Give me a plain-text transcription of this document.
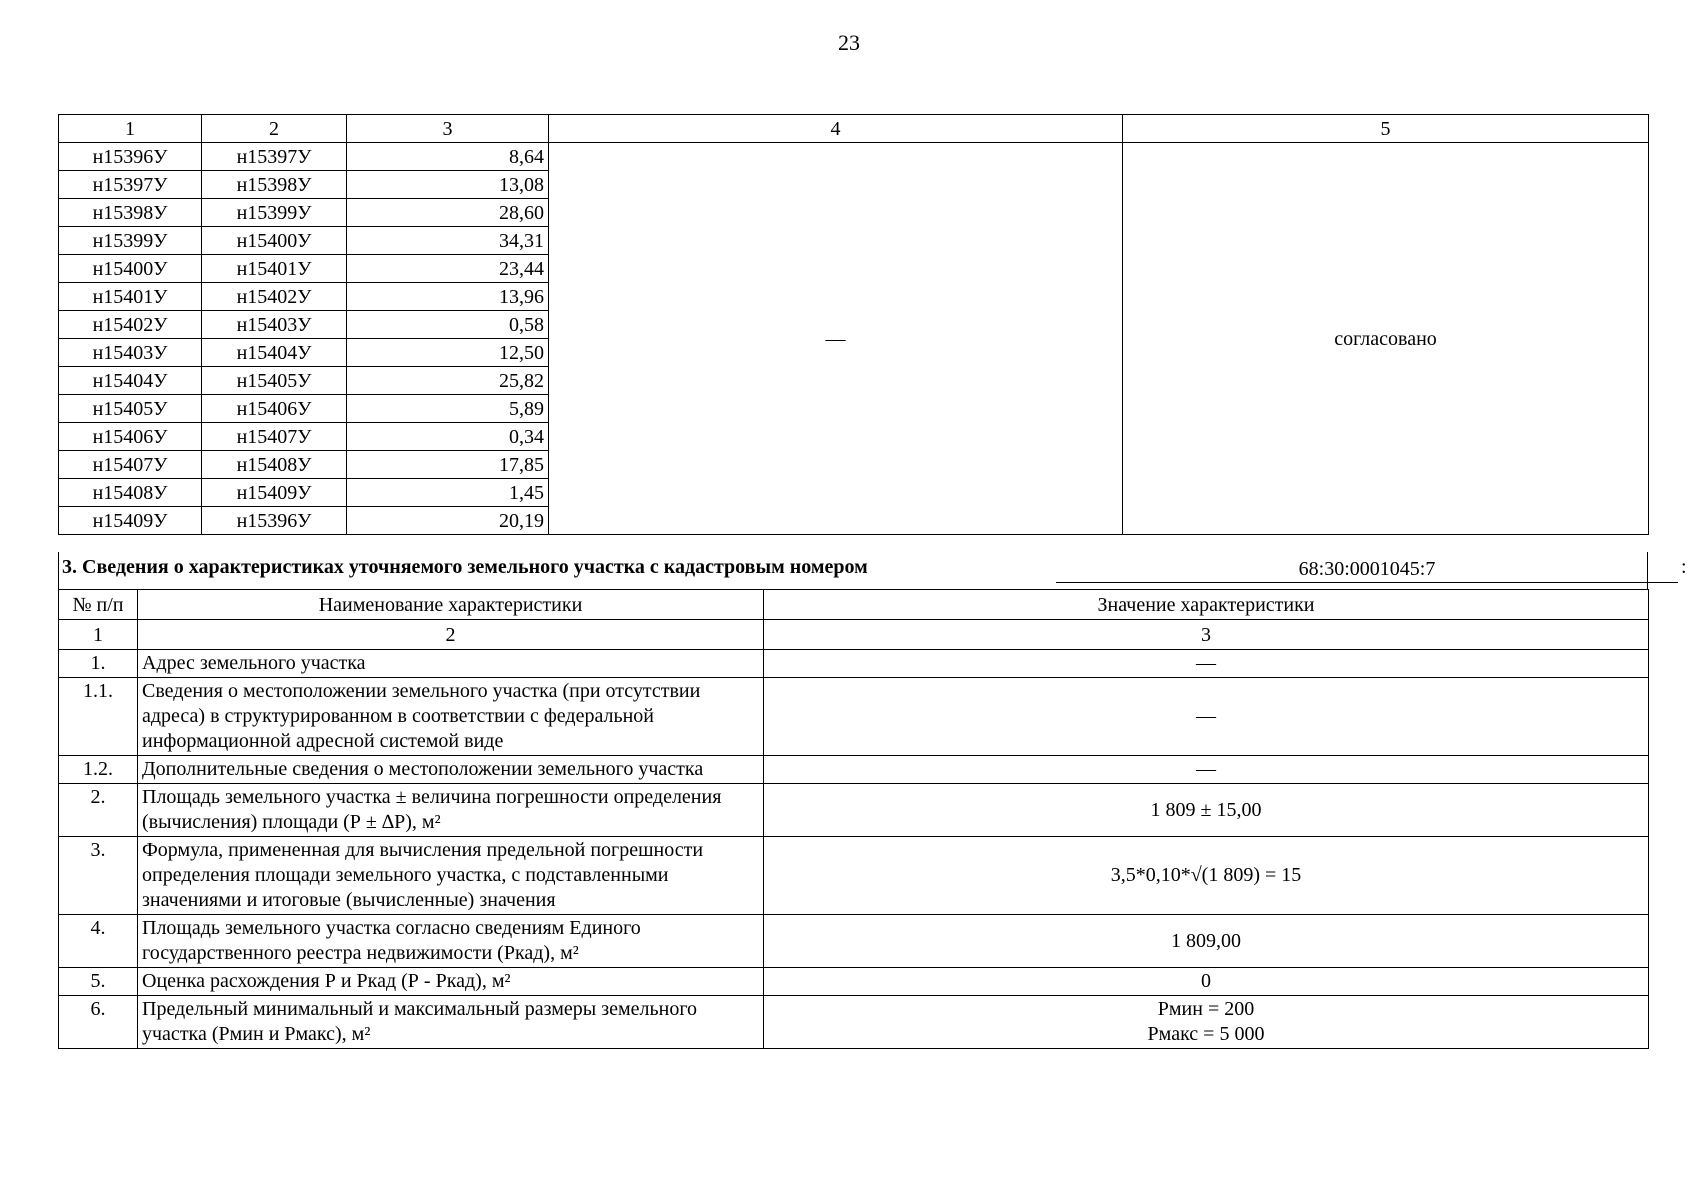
23
1	2	3	4	5
н15396У	н15397У	8,64	—	согласовано
н15397У	н15398У	13,08		
н15398У	н15399У	28,60		
н15399У	н15400У	34,31		
н15400У	н15401У	23,44		
н15401У	н15402У	13,96		
н15402У	н15403У	0,58		
н15403У	н15404У	12,50		
н15404У	н15405У	25,82		
н15405У	н15406У	5,89		
н15406У	н15407У	0,34		
н15407У	н15408У	17,85		
н15408У	н15409У	1,45		
н15409У	н15396У	20,19		
3. Сведения о характеристиках уточняемого земельного участка с кадастровым номером	68:30:0001045:7	:
№ п/п	Наименование характеристики	Значение характеристики
1	2	3
1.	Адрес земельного участка	—
1.1.	Сведения о местоположении земельного участка (при отсутствии адреса) в структурированном в соответствии с федеральной информационной адресной системой виде	—
1.2.	Дополнительные сведения о местоположении земельного участка	—
2.	Площадь земельного участка ± величина погрешности определения (вычисления) площади (Р ± ∆Р), м²	1 809 ± 15,00
3.	Формула, примененная для вычисления предельной погрешности определения площади земельного участка, с подставленными значениями и итоговые (вычисленные) значения	3,5*0,10*√(1 809) = 15
4.	Площадь земельного участка согласно сведениям Единого государственного реестра недвижимости (Ркад), м²	1 809,00
5.	Оценка расхождения Р и Ркад (Р - Ркад), м²	0
6.	Предельный минимальный и максимальный размеры земельного участка (Рмин и Рмакс), м²	Рмин = 200
Рмакс = 5 000
